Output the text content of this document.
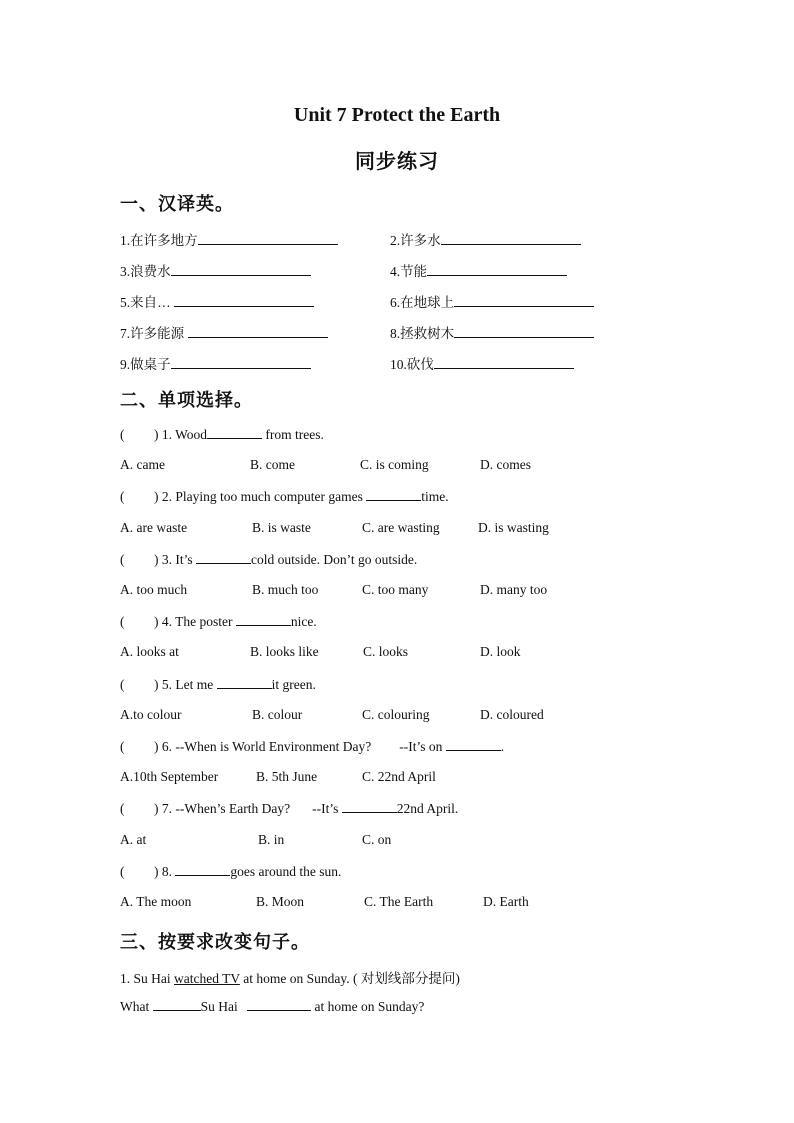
Unit 7 Protect the Earth
同步练习
一、汉译英。
1.在许多地方	2.许多水
3.浪费水	4.节能
5.来自…	6.在地球上
7.许多能源	8.拯救树木
9.做桌子	10.砍伐
二、单项选择。
( ) 1. Wood	from trees.
A. came	B. come	C. is coming	D. comes
( ) 2. Playing too much computer games	time.
A. are waste	B. is waste	C. are wasting	D. is wasting
( ) 3. It’s	cold outside. Don’t go outside.
A. too much	B. much too	C. too many	D. many too
( ) 4. The poster	nice.
A. looks at	B. looks like	C. looks	D. look
( ) 5. Let me	it green.
A.to colour	B. colour	C. colouring	D. coloured
( ) 6. --When is World Environment Day? --It’s on	.
A.10th September	B. 5th June	C. 22nd April
( ) 7. --When’s Earth Day? --It’s	22nd April.
A. at	B. in	C. on
( ) 8.	goes around the sun.
A. The moon	B. Moon	C. The Earth	D. Earth
三、按要求改变句子。
1. Su Hai watched TV at home on Sunday. ( 对划线部分提问)
What	Su Hai	at home on Sunday?
